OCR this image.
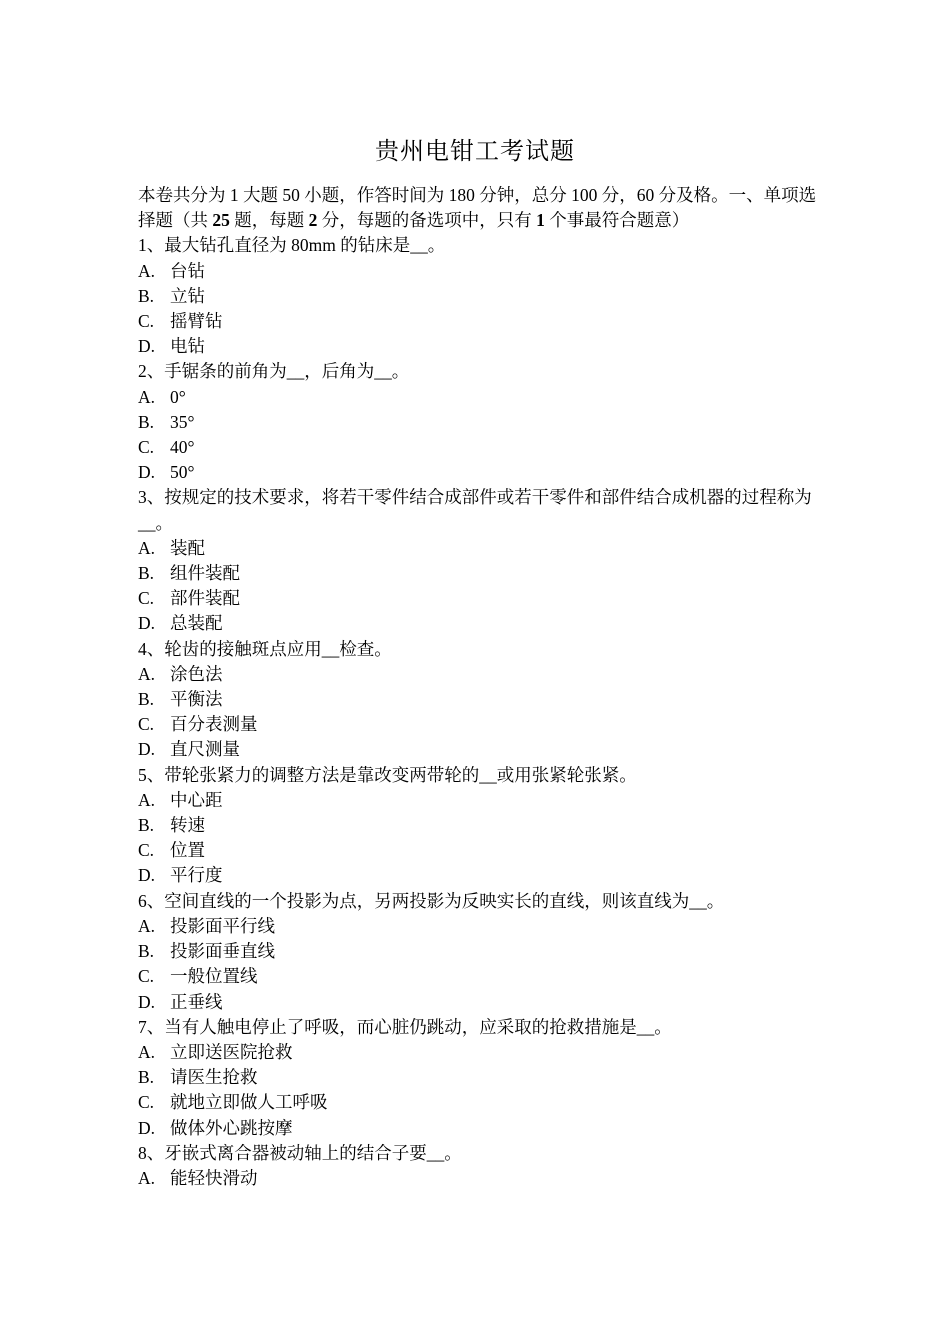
贵州电钳工考试题

本卷共分为 1 大题 50 小题，作答时间为 180 分钟，总分 100 分，60 分及格。一、单项选择题（共 25 题，每题 2 分，每题的备选项中，只有 1 个事最符合题意）

1、最大钻孔直径为 80mm 的钻床是__。

A. 台钻

B. 立钻

C. 摇臂钻

D. 电钻

2、手锯条的前角为__，后角为__。

A. 0°

B. 35°

C. 40°

D. 50°

3、按规定的技术要求，将若干零件结合成部件或若干零件和部件结合成机器的过程称为__。

A. 装配

B. 组件装配

C. 部件装配

D. 总装配

4、轮齿的接触斑点应用__检查。

A. 涂色法

B. 平衡法

C. 百分表测量

D. 直尺测量

5、带轮张紧力的调整方法是靠改变两带轮的__或用张紧轮张紧。

A. 中心距

B. 转速

C. 位置

D. 平行度

6、空间直线的一个投影为点，另两投影为反映实长的直线，则该直线为__。

A. 投影面平行线

B. 投影面垂直线

C. 一般位置线

D. 正垂线

7、当有人触电停止了呼吸，而心脏仍跳动，应采取的抢救措施是__。

A. 立即送医院抢救

B. 请医生抢救

C. 就地立即做人工呼吸

D. 做体外心跳按摩

8、牙嵌式离合器被动轴上的结合子要__。

A. 能轻快滑动
